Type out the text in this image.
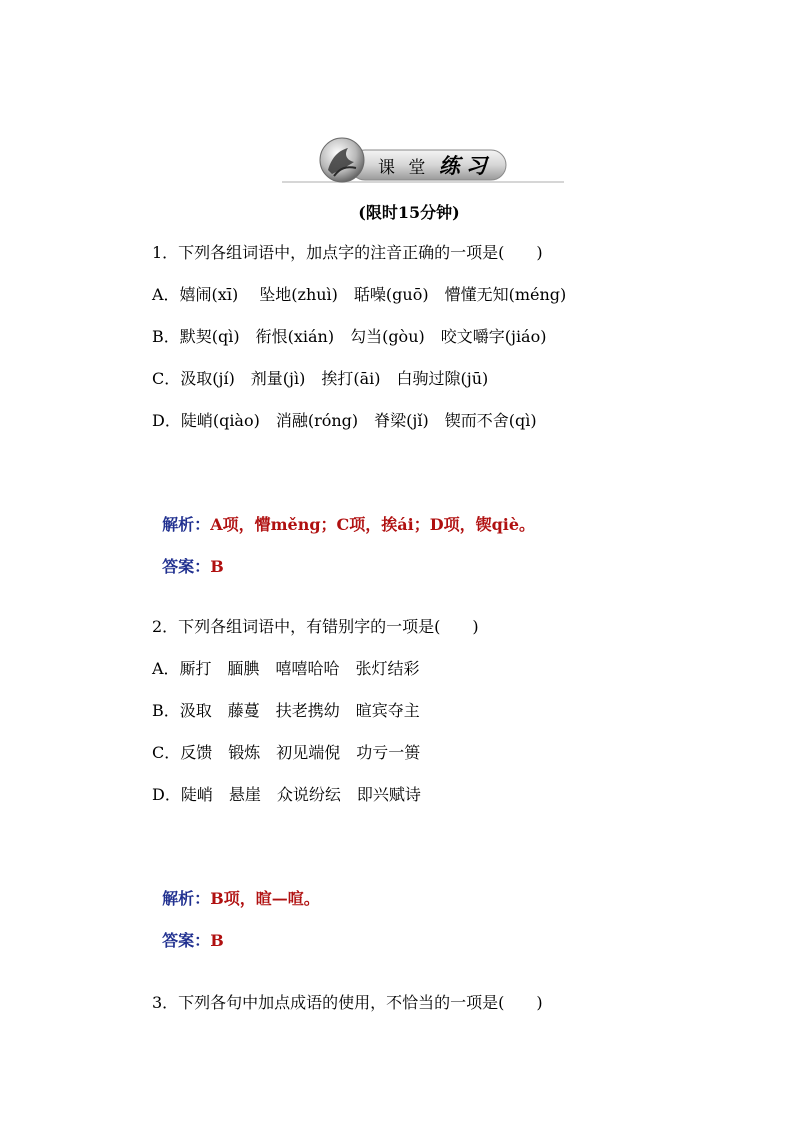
课 堂 练习
(限时15分钟)
1．下列各组词语中，加点字的注音正确的一项是(　　)
A．嬉闹(xī)　 坠地(zhuì)　聒噪(guō)　懵懂无知(méng)
B．默契(qì)　衔恨(xián)　勾当(gòu)　咬文嚼字(jiáo)
C．汲取(jí)　剂量(jì)　挨打(āi)　白驹过隙(jū)
D．陡峭(qiào)　消融(róng)　脊梁(jǐ)　锲而不舍(qì)

解析：A项，懵měng；C项，挨ái；D项，锲qiè。

答案：B

2．下列各组词语中，有错别字的一项是(　　)
A．厮打　腼腆　嘻嘻哈哈　张灯结彩
B．汲取　藤蔓　扶老携幼　暄宾夺主
C．反馈　锻炼　初见端倪　功亏一篑
D．陡峭　悬崖　众说纷纭　即兴赋诗

解析：B项，暄—喧。

答案：B

3．下列各句中加点成语的使用，不恰当的一项是(　　)
